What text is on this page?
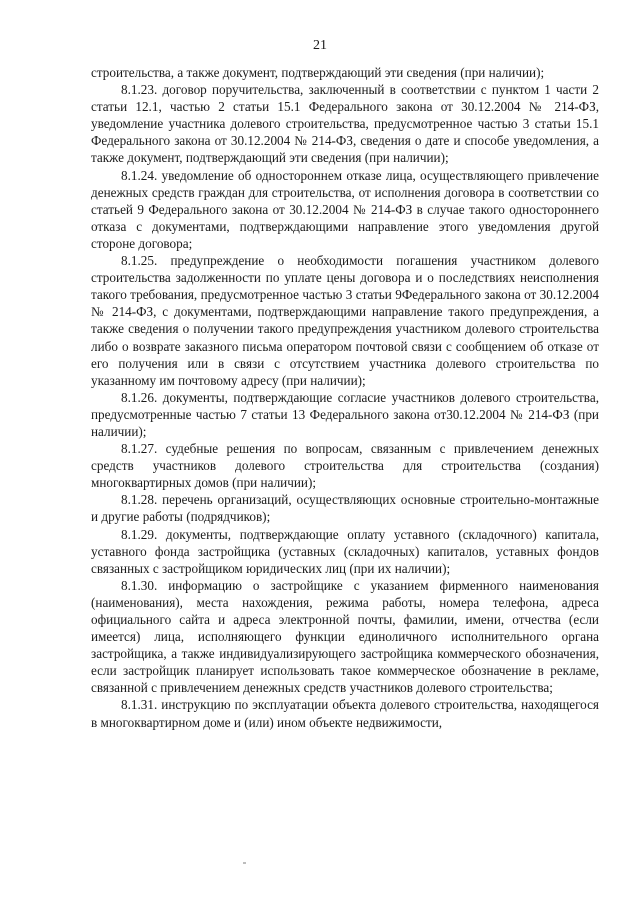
21

строительства, а также документ, подтверждающий эти сведения (при наличии);

8.1.23. договор поручительства, заключенный в соответствии с пунктом 1 части 2 статьи 12.1, частью 2 статьи 15.1 Федерального закона от 30.12.2004 № 214-ФЗ, уведомление участника долевого строительства, предусмотренное частью 3 статьи 15.1 Федерального закона от 30.12.2004 № 214-ФЗ, сведения о дате и способе уведомления, а также документ, подтверждающий эти сведения (при наличии);

8.1.24. уведомление об одностороннем отказе лица, осуществляющего привлечение денежных средств граждан для строительства, от исполнения договора в соответствии со статьей 9 Федерального закона от 30.12.2004 № 214-ФЗ в случае такого одностороннего отказа с документами, подтверждающими направление этого уведомления другой стороне договора;

8.1.25. предупреждение о необходимости погашения участником долевого строительства задолженности по уплате цены договора и о последствиях неисполнения такого требования, предусмотренное частью 3 статьи 9Федерального закона от 30.12.2004 № 214-ФЗ, с документами, подтверждающими направление такого предупреждения, а также сведения о получении такого предупреждения участником долевого строительства либо о возврате заказного письма оператором почтовой связи с сообщением об отказе от его получения или в связи с отсутствием участника долевого строительства по указанному им почтовому адресу (при наличии);

8.1.26. документы, подтверждающие согласие участников долевого строительства, предусмотренные частью 7 статьи 13 Федерального закона от30.12.2004 № 214-ФЗ (при наличии);

8.1.27. судебные решения по вопросам, связанным с привлечением денежных средств участников долевого строительства для строительства (создания) многоквартирных домов (при наличии);

8.1.28. перечень организаций, осуществляющих основные строительно-монтажные и другие работы (подрядчиков);

8.1.29. документы, подтверждающие оплату уставного (складочного) капитала, уставного фонда застройщика (уставных (складочных) капиталов, уставных фондов связанных с застройщиком юридических лиц (при их наличии);

8.1.30. информацию о застройщике с указанием фирменного наименования (наименования), места нахождения, режима работы, номера телефона, адреса официального сайта и адреса электронной почты, фамилии, имени, отчества (если имеется) лица, исполняющего функции единоличного исполнительного органа застройщика, а также индивидуализирующего застройщика коммерческого обозначения, если застройщик планирует использовать такое коммерческое обозначение в рекламе, связанной с привлечением денежных средств участников долевого строительства;

8.1.31. инструкцию по эксплуатации объекта долевого строительства, находящегося в многоквартирном доме и (или) ином объекте недвижимости,
